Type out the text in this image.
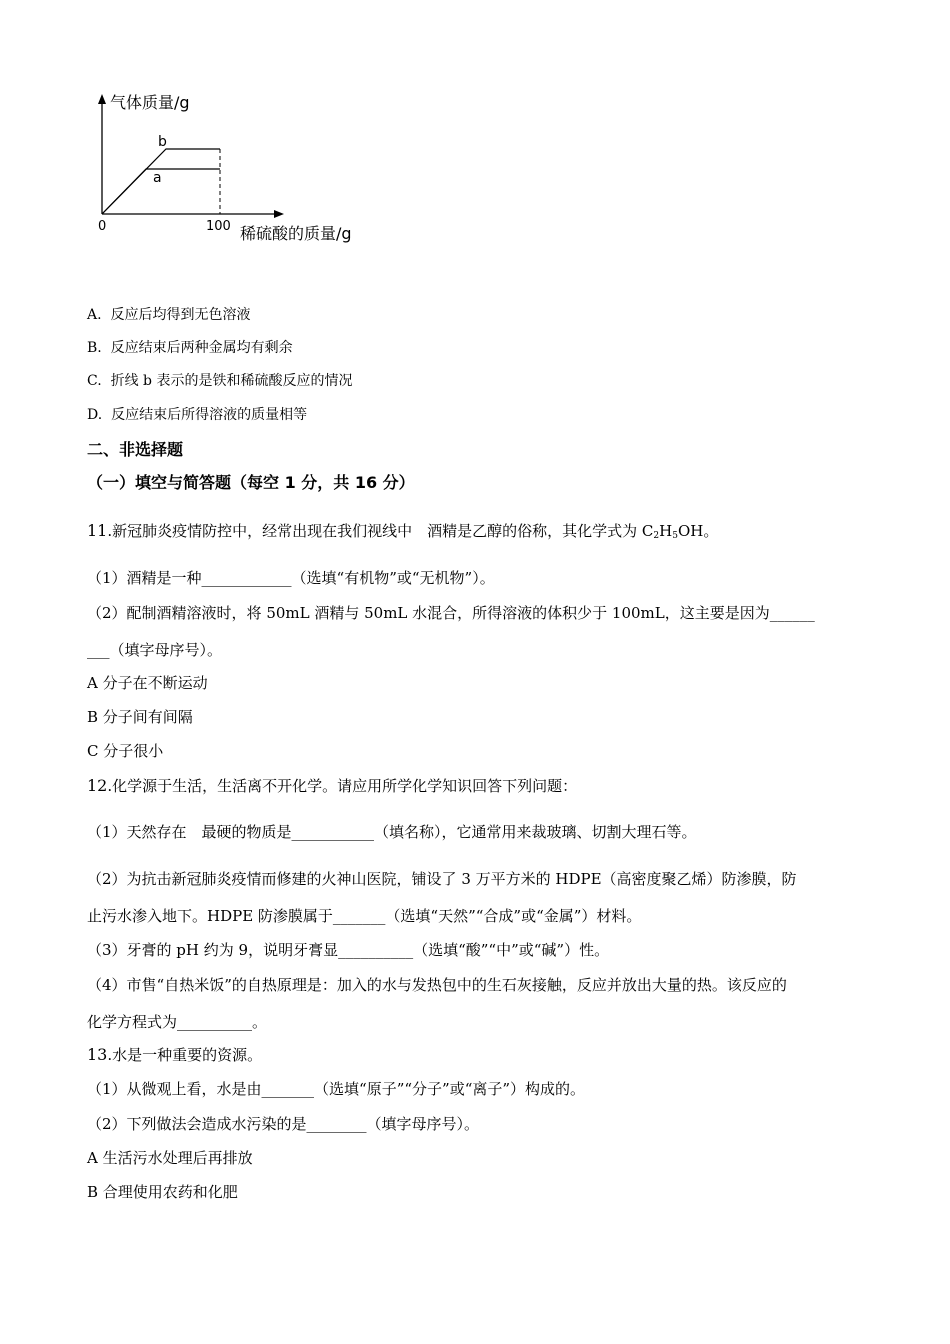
气体质量/g
稀硫酸的质量/g
0	100
b
a
A. 反应后均得到无色溶液
B. 反应结束后两种金属均有剩余
C. 折线 b 表示的是铁和稀硫酸反应的情况
D. 反应结束后所得溶液的质量相等
二、非选择题
（一）填空与简答题（每空 1 分，共 16 分）
11.新冠肺炎疫情防控中，经常出现在我们视线中　酒精是乙醇的俗称，其化学式为 $C_2H_5OH$。
（1）酒精是一种____________（选填“有机物”或“无机物”）。
（2）配制酒精溶液时，将 50mL 酒精与 50mL 水混合，所得溶液的体积少于 100mL，这主要是因为______
___（填字母序号）。
A 分子在不断运动
B 分子间有间隔
C 分子很小
12.化学源于生活，生活离不开化学。请应用所学化学知识回答下列问题：
（1）天然存在　最硬的物质是___________（填名称），它通常用来裁玻璃、切割大理石等。
（2）为抗击新冠肺炎疫情而修建的火神山医院，铺设了 3 万平方米的 HDPE（高密度聚乙烯）防渗膜，防
止污水渗入地下。HDPE 防渗膜属于_______（选填“天然”“合成”或“金属”）材料。
（3）牙膏的 pH 约为 9，说明牙膏显__________（选填“酸”“中”或“碱”）性。
（4）市售“自热米饭”的自热原理是：加入的水与发热包中的生石灰接触，反应并放出大量的热。该反应的
化学方程式为__________。
13.水是一种重要的资源。
（1）从微观上看，水是由_______（选填“原子”“分子”或“离子”）构成的。
（2）下列做法会造成水污染的是________（填字母序号）。
A 生活污水处理后再排放
B 合理使用农药和化肥
